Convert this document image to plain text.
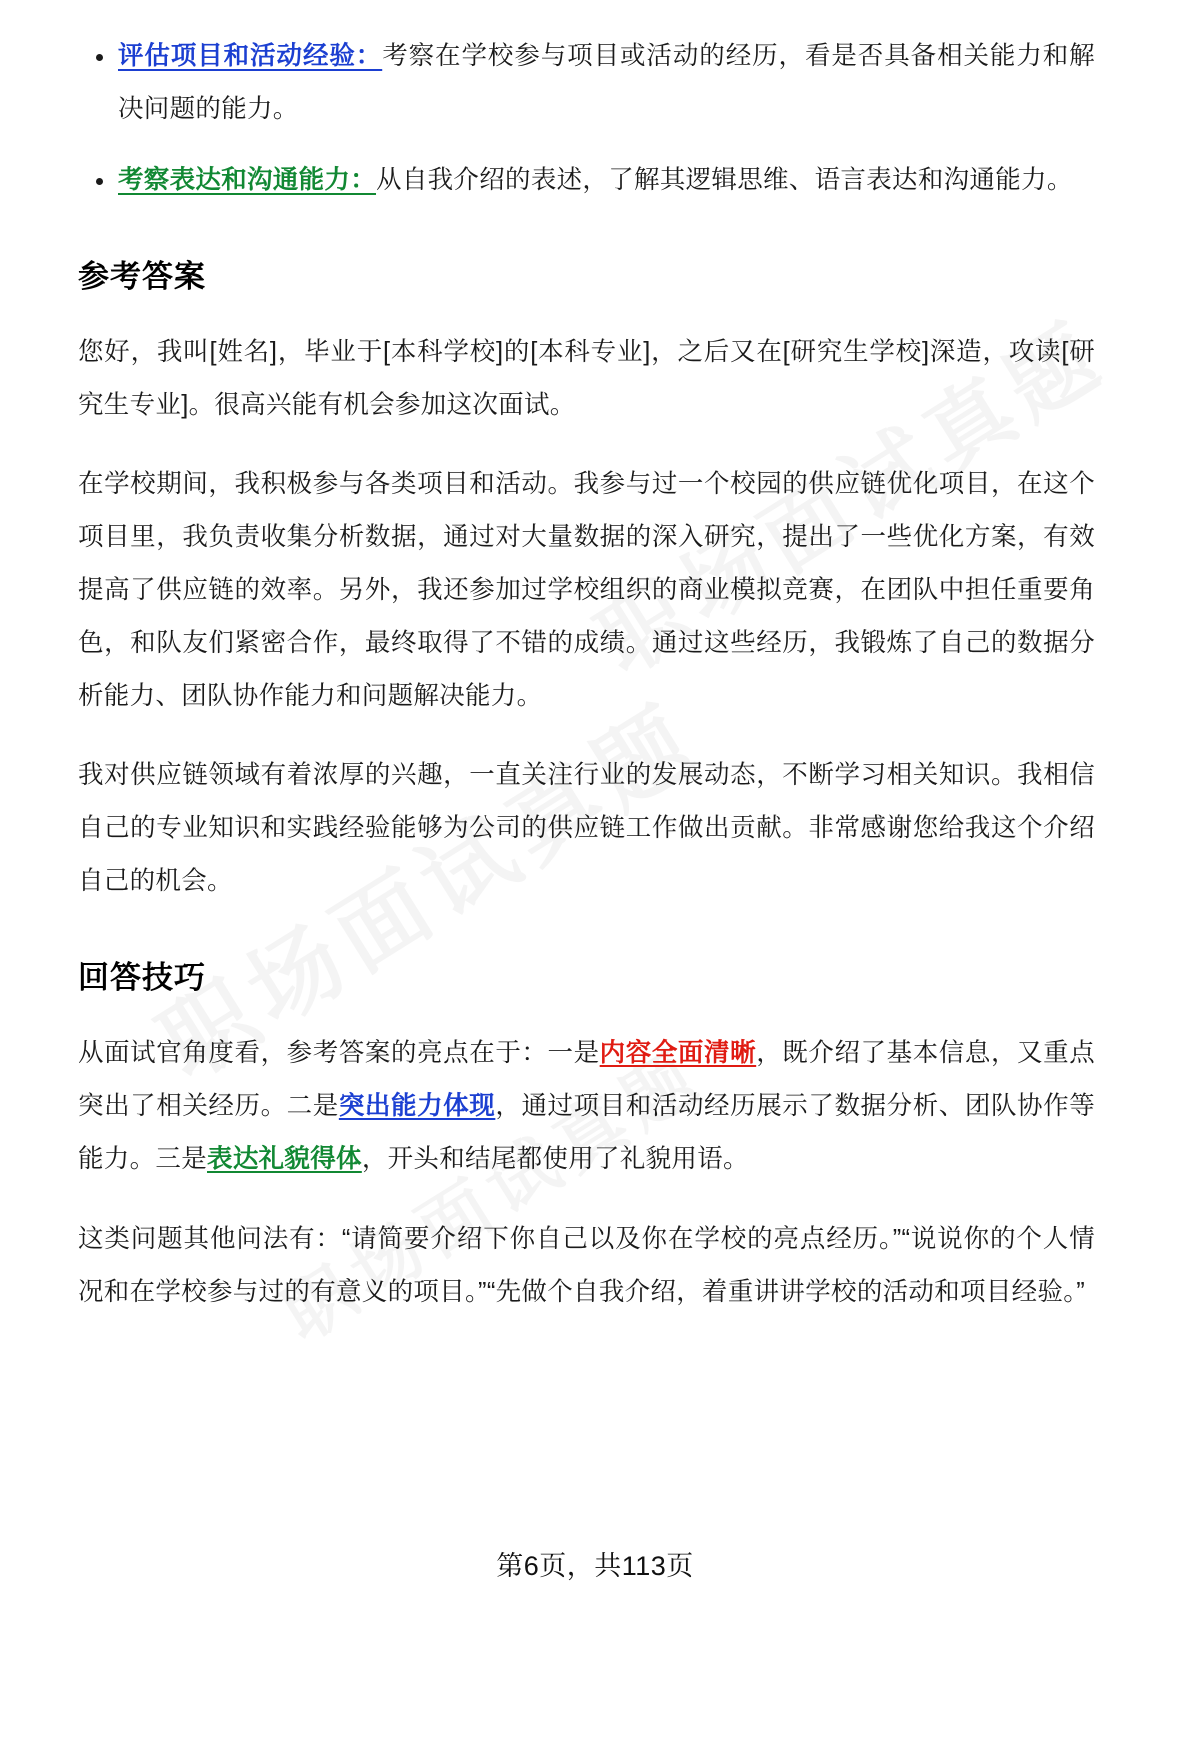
评估项目和活动经验：考察在学校参与项目或活动的经历，看是否具备相关能力和解决问题的能力。
考察表达和沟通能力：从自我介绍的表述，了解其逻辑思维、语言表达和沟通能力。
参考答案

您好，我叫[姓名]，毕业于[本科学校]的[本科专业]，之后又在[研究生学校]深造，攻读[研究生专业]。很高兴能有机会参加这次面试。

在学校期间，我积极参与各类项目和活动。我参与过一个校园的供应链优化项目，在这个项目里，我负责收集分析数据，通过对大量数据的深入研究，提出了一些优化方案，有效提高了供应链的效率。另外，我还参加过学校组织的商业模拟竞赛，在团队中担任重要角色，和队友们紧密合作，最终取得了不错的成绩。通过这些经历，我锻炼了自己的数据分析能力、团队协作能力和问题解决能力。

我对供应链领域有着浓厚的兴趣，一直关注行业的发展动态，不断学习相关知识。我相信自己的专业知识和实践经验能够为公司的供应链工作做出贡献。非常感谢您给我这个介绍自己的机会。

回答技巧

从面试官角度看，参考答案的亮点在于：一是内容全面清晰，既介绍了基本信息，又重点突出了相关经历。二是突出能力体现，通过项目和活动经历展示了数据分析、团队协作等能力。三是表达礼貌得体，开头和结尾都使用了礼貌用语。

这类问题其他问法有：“请简要介绍下你自己以及你在学校的亮点经历。”“说说你的个人情况和在学校参与过的有意义的项目。”“先做个自我介绍，着重讲讲学校的活动和项目经验。”

第6页，共113页
